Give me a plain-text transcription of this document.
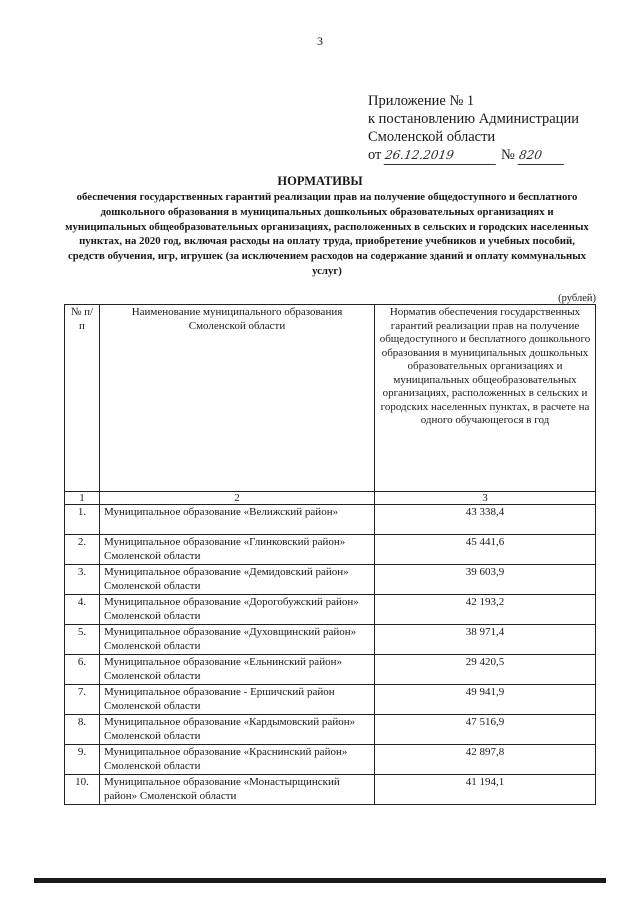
3
Приложение № 1
к постановлению Администрации
Смоленской области
от 26.12.2019	№ 820
НОРМАТИВЫ
обеспечения государственных гарантий реализации прав на получение общедоступного и бесплатного дошкольного образования в муниципальных дошкольных образовательных организациях и муниципальных общеобразовательных организациях, расположенных в сельских и городских населенных пунктах, на 2020 год, включая расходы на оплату труда, приобретение учебников и учебных пособий, средств обучения, игр, игрушек (за исключением расходов на содержание зданий и оплату коммунальных услуг)
(рублей)
№ п/п	Наименование муниципального образования Смоленской области	Норматив обеспечения государственных гарантий реализации прав на получение общедоступного и бесплатного дошкольного образования в муниципальных дошкольных образовательных организациях и муниципальных общеобразовательных организациях, расположенных в сельских и городских населенных пунктах, в расчете на одного обучающегося в год
1	2	3
1.	Муниципальное образование «Велижский район»	43 338,4
2.	Муниципальное образование «Глинковский район» Смоленской области	45 441,6
3.	Муниципальное образование «Демидовский район» Смоленской области	39 603,9
4.	Муниципальное образование «Дорогобужский район» Смоленской области	42 193,2
5.	Муниципальное образование «Духовщинский район» Смоленской области	38 971,4
6.	Муниципальное образование «Ельнинский район» Смоленской области	29 420,5
7.	Муниципальное образование - Ершичский район Смоленской области	49 941,9
8.	Муниципальное образование «Кардымовский район» Смоленской области	47 516,9
9.	Муниципальное образование «Краснинский район» Смоленской области	42 897,8
10.	Муниципальное образование «Монастырщинский район» Смоленской области	41 194,1
